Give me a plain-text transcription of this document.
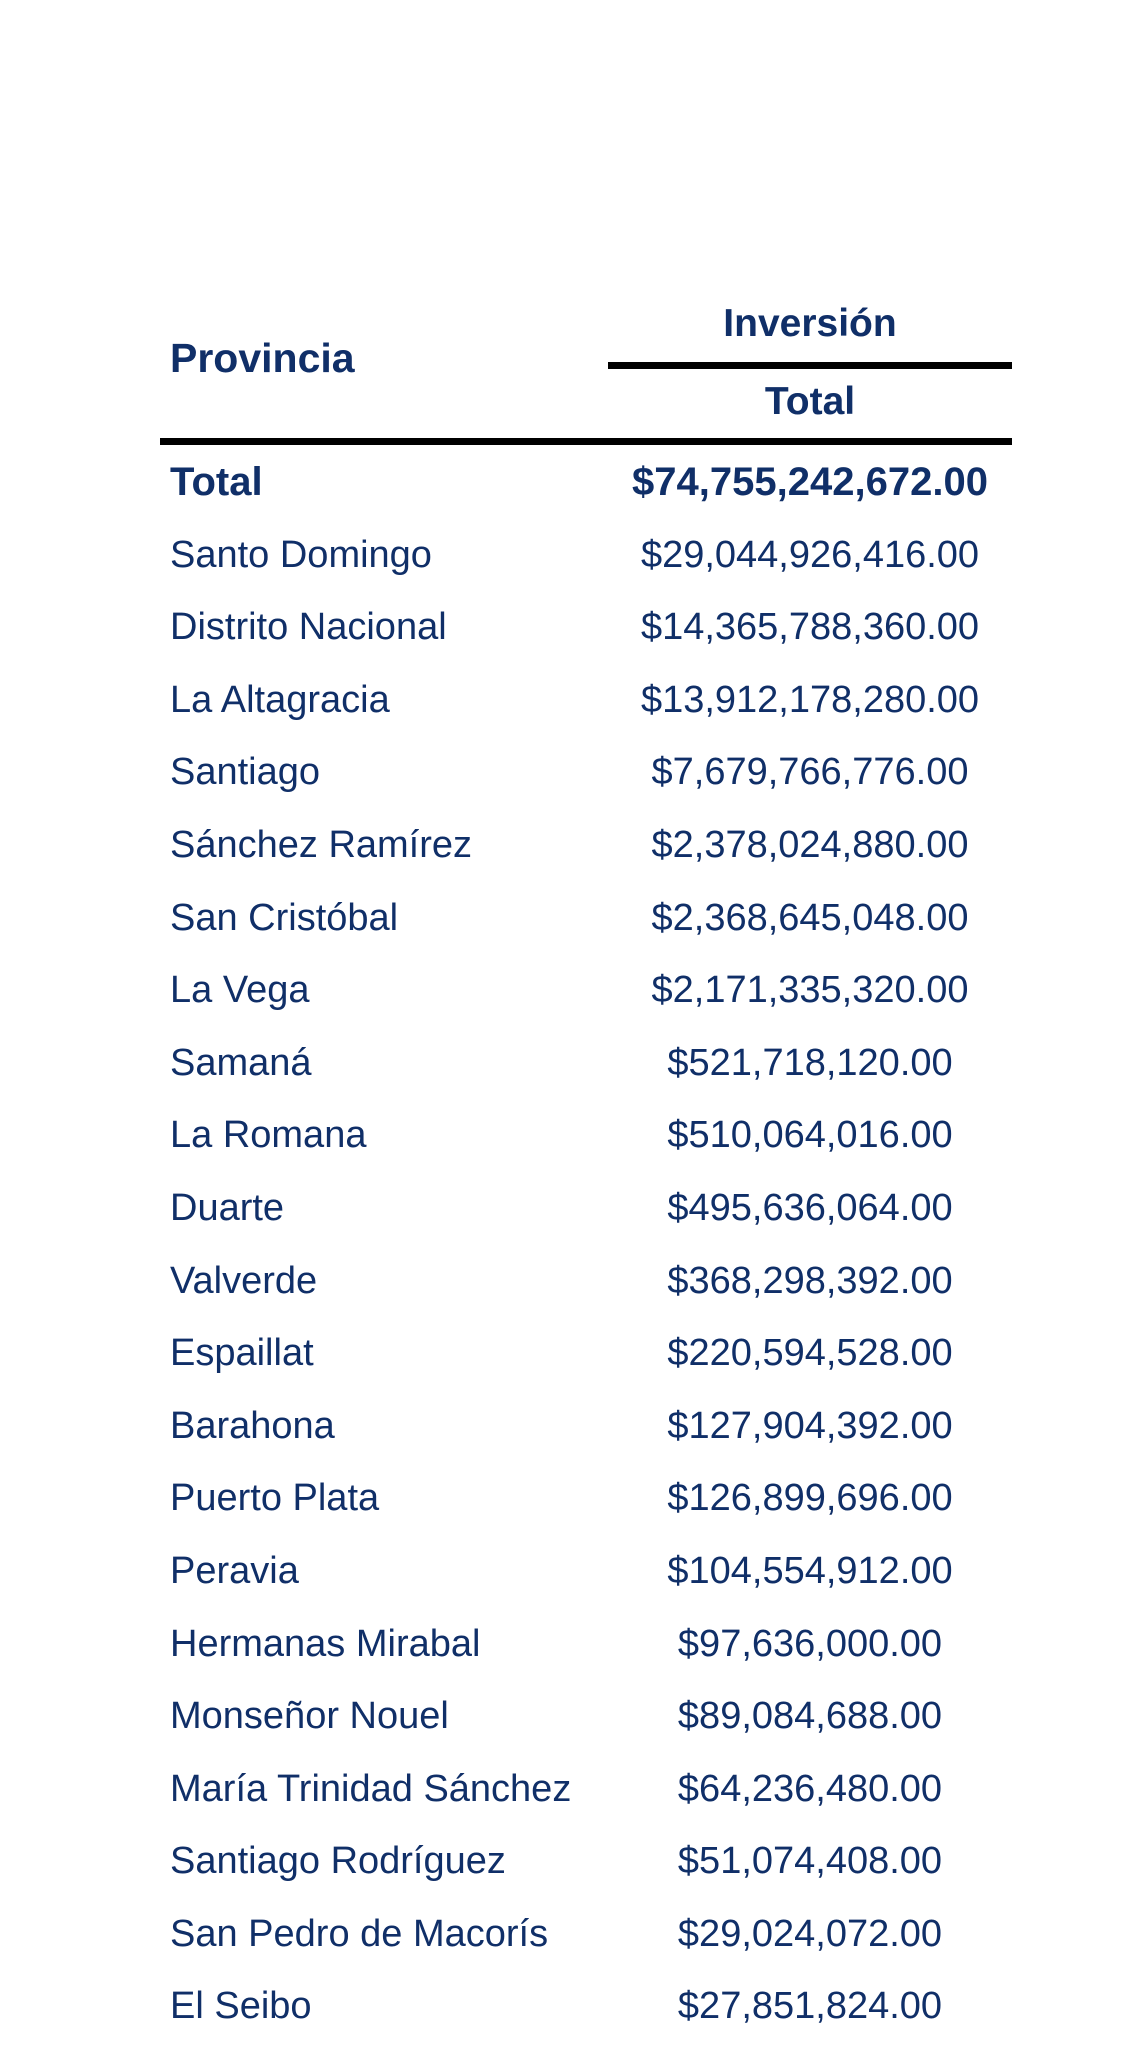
Provincia
Inversión
Total
Total	$74,755,242,672.00
Santo Domingo	$29,044,926,416.00
Distrito Nacional	$14,365,788,360.00
La Altagracia	$13,912,178,280.00
Santiago	$7,679,766,776.00
Sánchez Ramírez	$2,378,024,880.00
San Cristóbal	$2,368,645,048.00
La Vega	$2,171,335,320.00
Samaná	$521,718,120.00
La Romana	$510,064,016.00
Duarte	$495,636,064.00
Valverde	$368,298,392.00
Espaillat	$220,594,528.00
Barahona	$127,904,392.00
Puerto Plata	$126,899,696.00
Peravia	$104,554,912.00
Hermanas Mirabal	$97,636,000.00
Monseñor Nouel	$89,084,688.00
María Trinidad Sánchez	$64,236,480.00
Santiago Rodríguez	$51,074,408.00
San Pedro de Macorís	$29,024,072.00
El Seibo	$27,851,824.00
